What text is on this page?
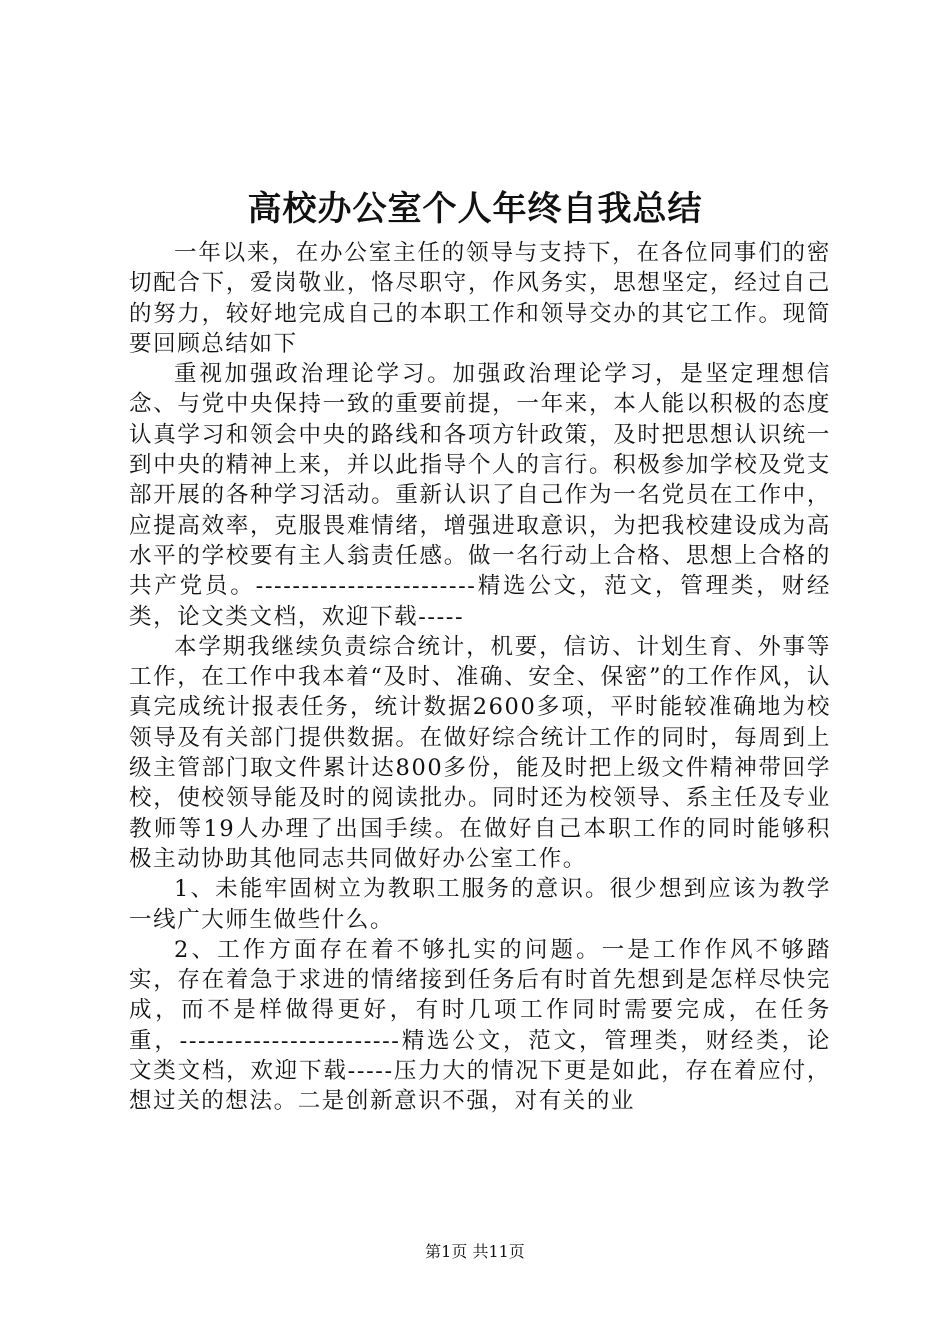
高校办公室个人年终自我总结

一年以来，在办公室主任的领导与支持下，在各位同事们的密切配合下，爱岗敬业，恪尽职守，作风务实，思想坚定，经过自己的努力，较好地完成自己的本职工作和领导交办的其它工作。现简要回顾总结如下

重视加强政治理论学习。加强政治理论学习，是坚定理想信念、与党中央保持一致的重要前提，一年来，本人能以积极的态度认真学习和领会中央的路线和各项方针政策，及时把思想认识统一到中央的精神上来，并以此指导个人的言行。积极参加学校及党支部开展的各种学习活动。重新认识了自己作为一名党员在工作中，应提高效率，克服畏难情绪，增强进取意识，为把我校建设成为高水平的学校要有主人翁责任感。做一名行动上合格、思想上合格的共产党员。------------------------精选公文，范文，管理类，财经类，论文类文档，欢迎下载-----

本学期我继续负责综合统计，机要，信访、计划生育、外事等工作，在工作中我本着“及时、准确、安全、保密”的工作作风，认真完成统计报表任务，统计数据2600多项，平时能较准确地为校领导及有关部门提供数据。在做好综合统计工作的同时，每周到上级主管部门取文件累计达800多份，能及时把上级文件精神带回学校，使校领导能及时的阅读批办。同时还为校领导、系主任及专业教师等19人办理了出国手续。在做好自己本职工作的同时能够积极主动协助其他同志共同做好办公室工作。

1、未能牢固树立为教职工服务的意识。很少想到应该为教学一线广大师生做些什么。

2、工作方面存在着不够扎实的问题。一是工作作风不够踏实，存在着急于求进的情绪接到任务后有时首先想到是怎样尽快完成，而不是样做得更好，有时几项工作同时需要完成，在任务重，------------------------精选公文，范文，管理类，财经类，论文类文档，欢迎下载-----压力大的情况下更是如此，存在着应付，想过关的想法。二是创新意识不强，对有关的业

第1页 共11页
